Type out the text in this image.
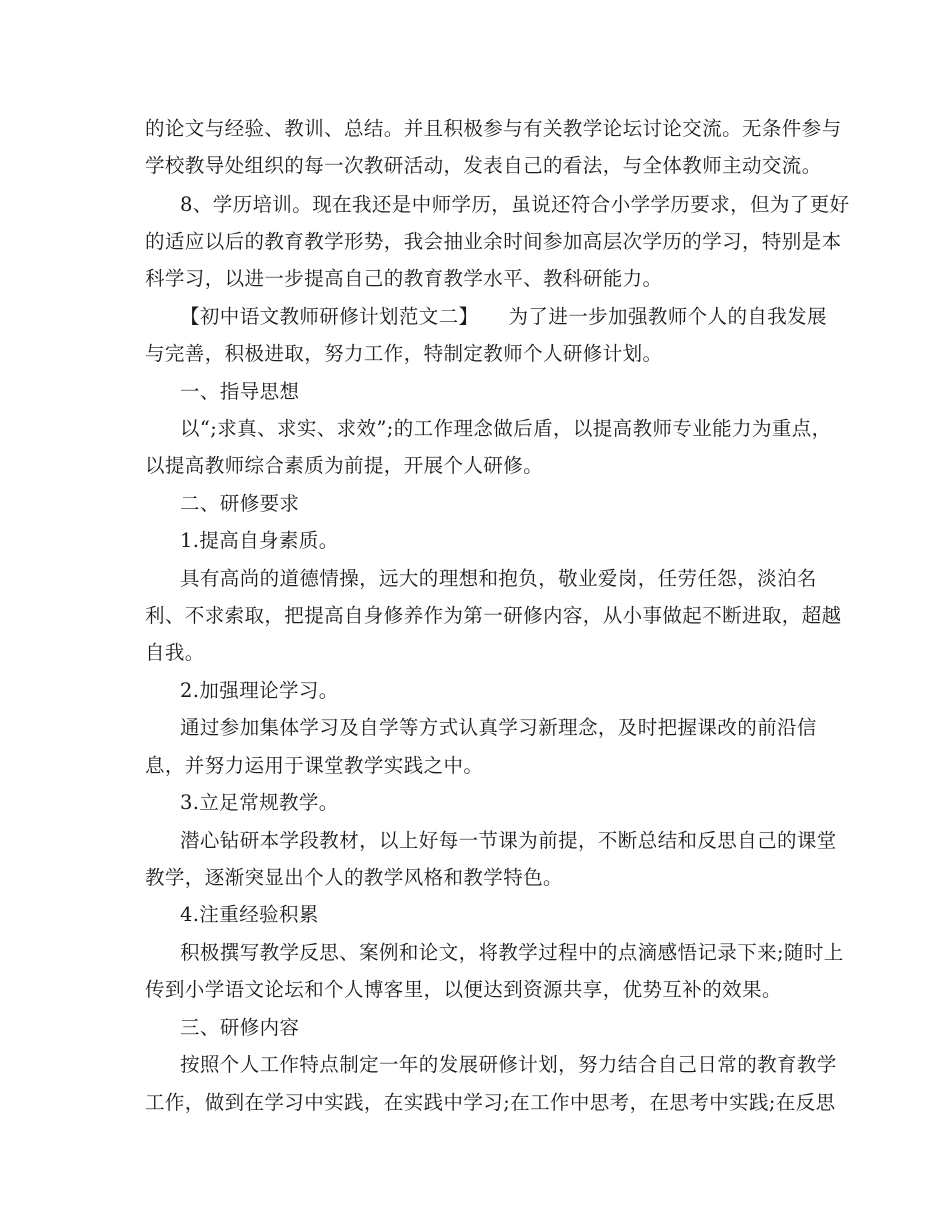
的论文与经验、教训、总结。并且积极参与有关教学论坛讨论交流。无条件参与
学校教导处组织的每一次教研活动，发表自己的看法，与全体教师主动交流。
8、学历培训。现在我还是中师学历，虽说还符合小学学历要求，但为了更好
的适应以后的教育教学形势，我会抽业余时间参加高层次学历的学习，特别是本
科学习，以进一步提高自己的教育教学水平、教科研能力。
【初中语文教师研修计划范文二】　　为了进一步加强教师个人的自我发展
与完善，积极进取，努力工作，特制定教师个人研修计划。
一、指导思想
以“;求真、求实、求效”;的工作理念做后盾，以提高教师专业能力为重点，
以提高教师综合素质为前提，开展个人研修。
二、研修要求
1.提高自身素质。
具有高尚的道德情操，远大的理想和抱负，敬业爱岗，任劳任怨，淡泊名
利、不求索取，把提高自身修养作为第一研修内容，从小事做起不断进取，超越
自我。
2.加强理论学习。
通过参加集体学习及自学等方式认真学习新理念，及时把握课改的前沿信
息，并努力运用于课堂教学实践之中。
3.立足常规教学。
潜心钻研本学段教材，以上好每一节课为前提，不断总结和反思自己的课堂
教学，逐渐突显出个人的教学风格和教学特色。
4.注重经验积累
积极撰写教学反思、案例和论文，将教学过程中的点滴感悟记录下来;随时上
传到小学语文论坛和个人博客里，以便达到资源共享，优势互补的效果。
三、研修内容
按照个人工作特点制定一年的发展研修计划，努力结合自己日常的教育教学
工作，做到在学习中实践，在实践中学习;在工作中思考，在思考中实践;在反思
